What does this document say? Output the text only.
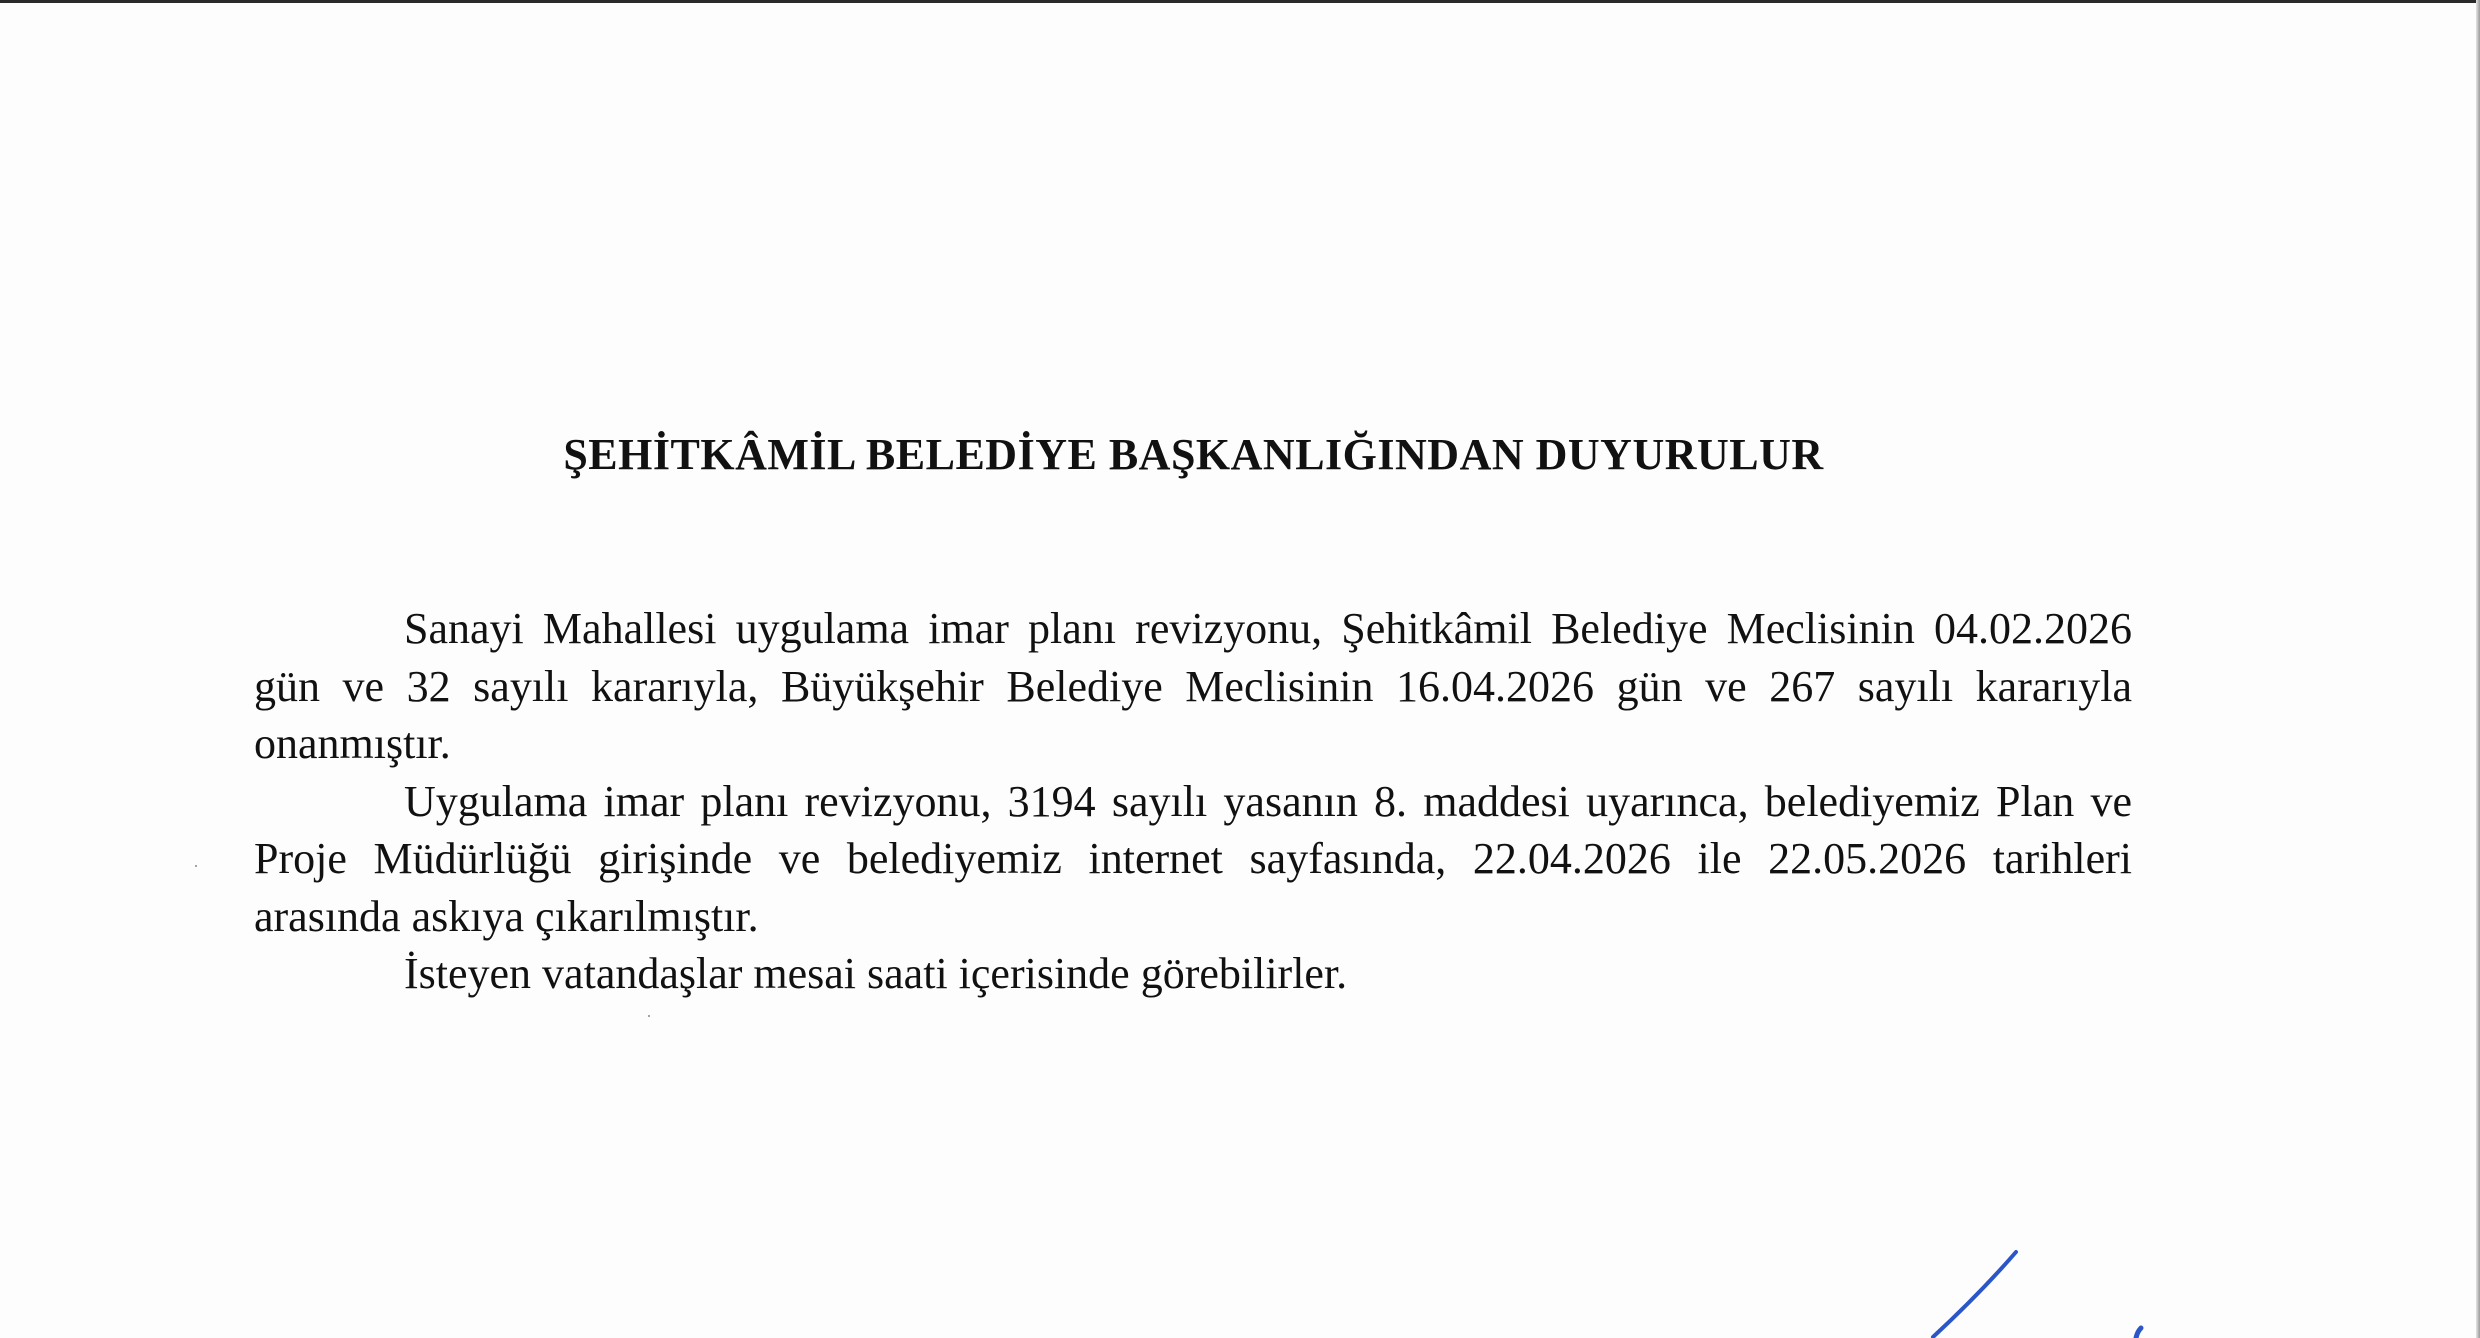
ŞEHİTKÂMİL BELEDİYE BAŞKANLIĞINDAN DUYURULUR

Sanayi Mahallesi uygulama imar planı revizyonu, Şehitkâmil Belediye Meclisinin 04.02.2026 gün ve 32 sayılı kararıyla, Büyükşehir Belediye Meclisinin 16.04.2026 gün ve 267 sayılı kararıyla onanmıştır.

Uygulama imar planı revizyonu, 3194 sayılı yasanın 8. maddesi uyarınca, belediyemiz Plan ve Proje Müdürlüğü girişinde ve belediyemiz internet sayfasında, 22.04.2026 ile 22.05.2026 tarihleri arasında askıya çıkarılmıştır.

İsteyen vatandaşlar mesai saati içerisinde görebilirler.
